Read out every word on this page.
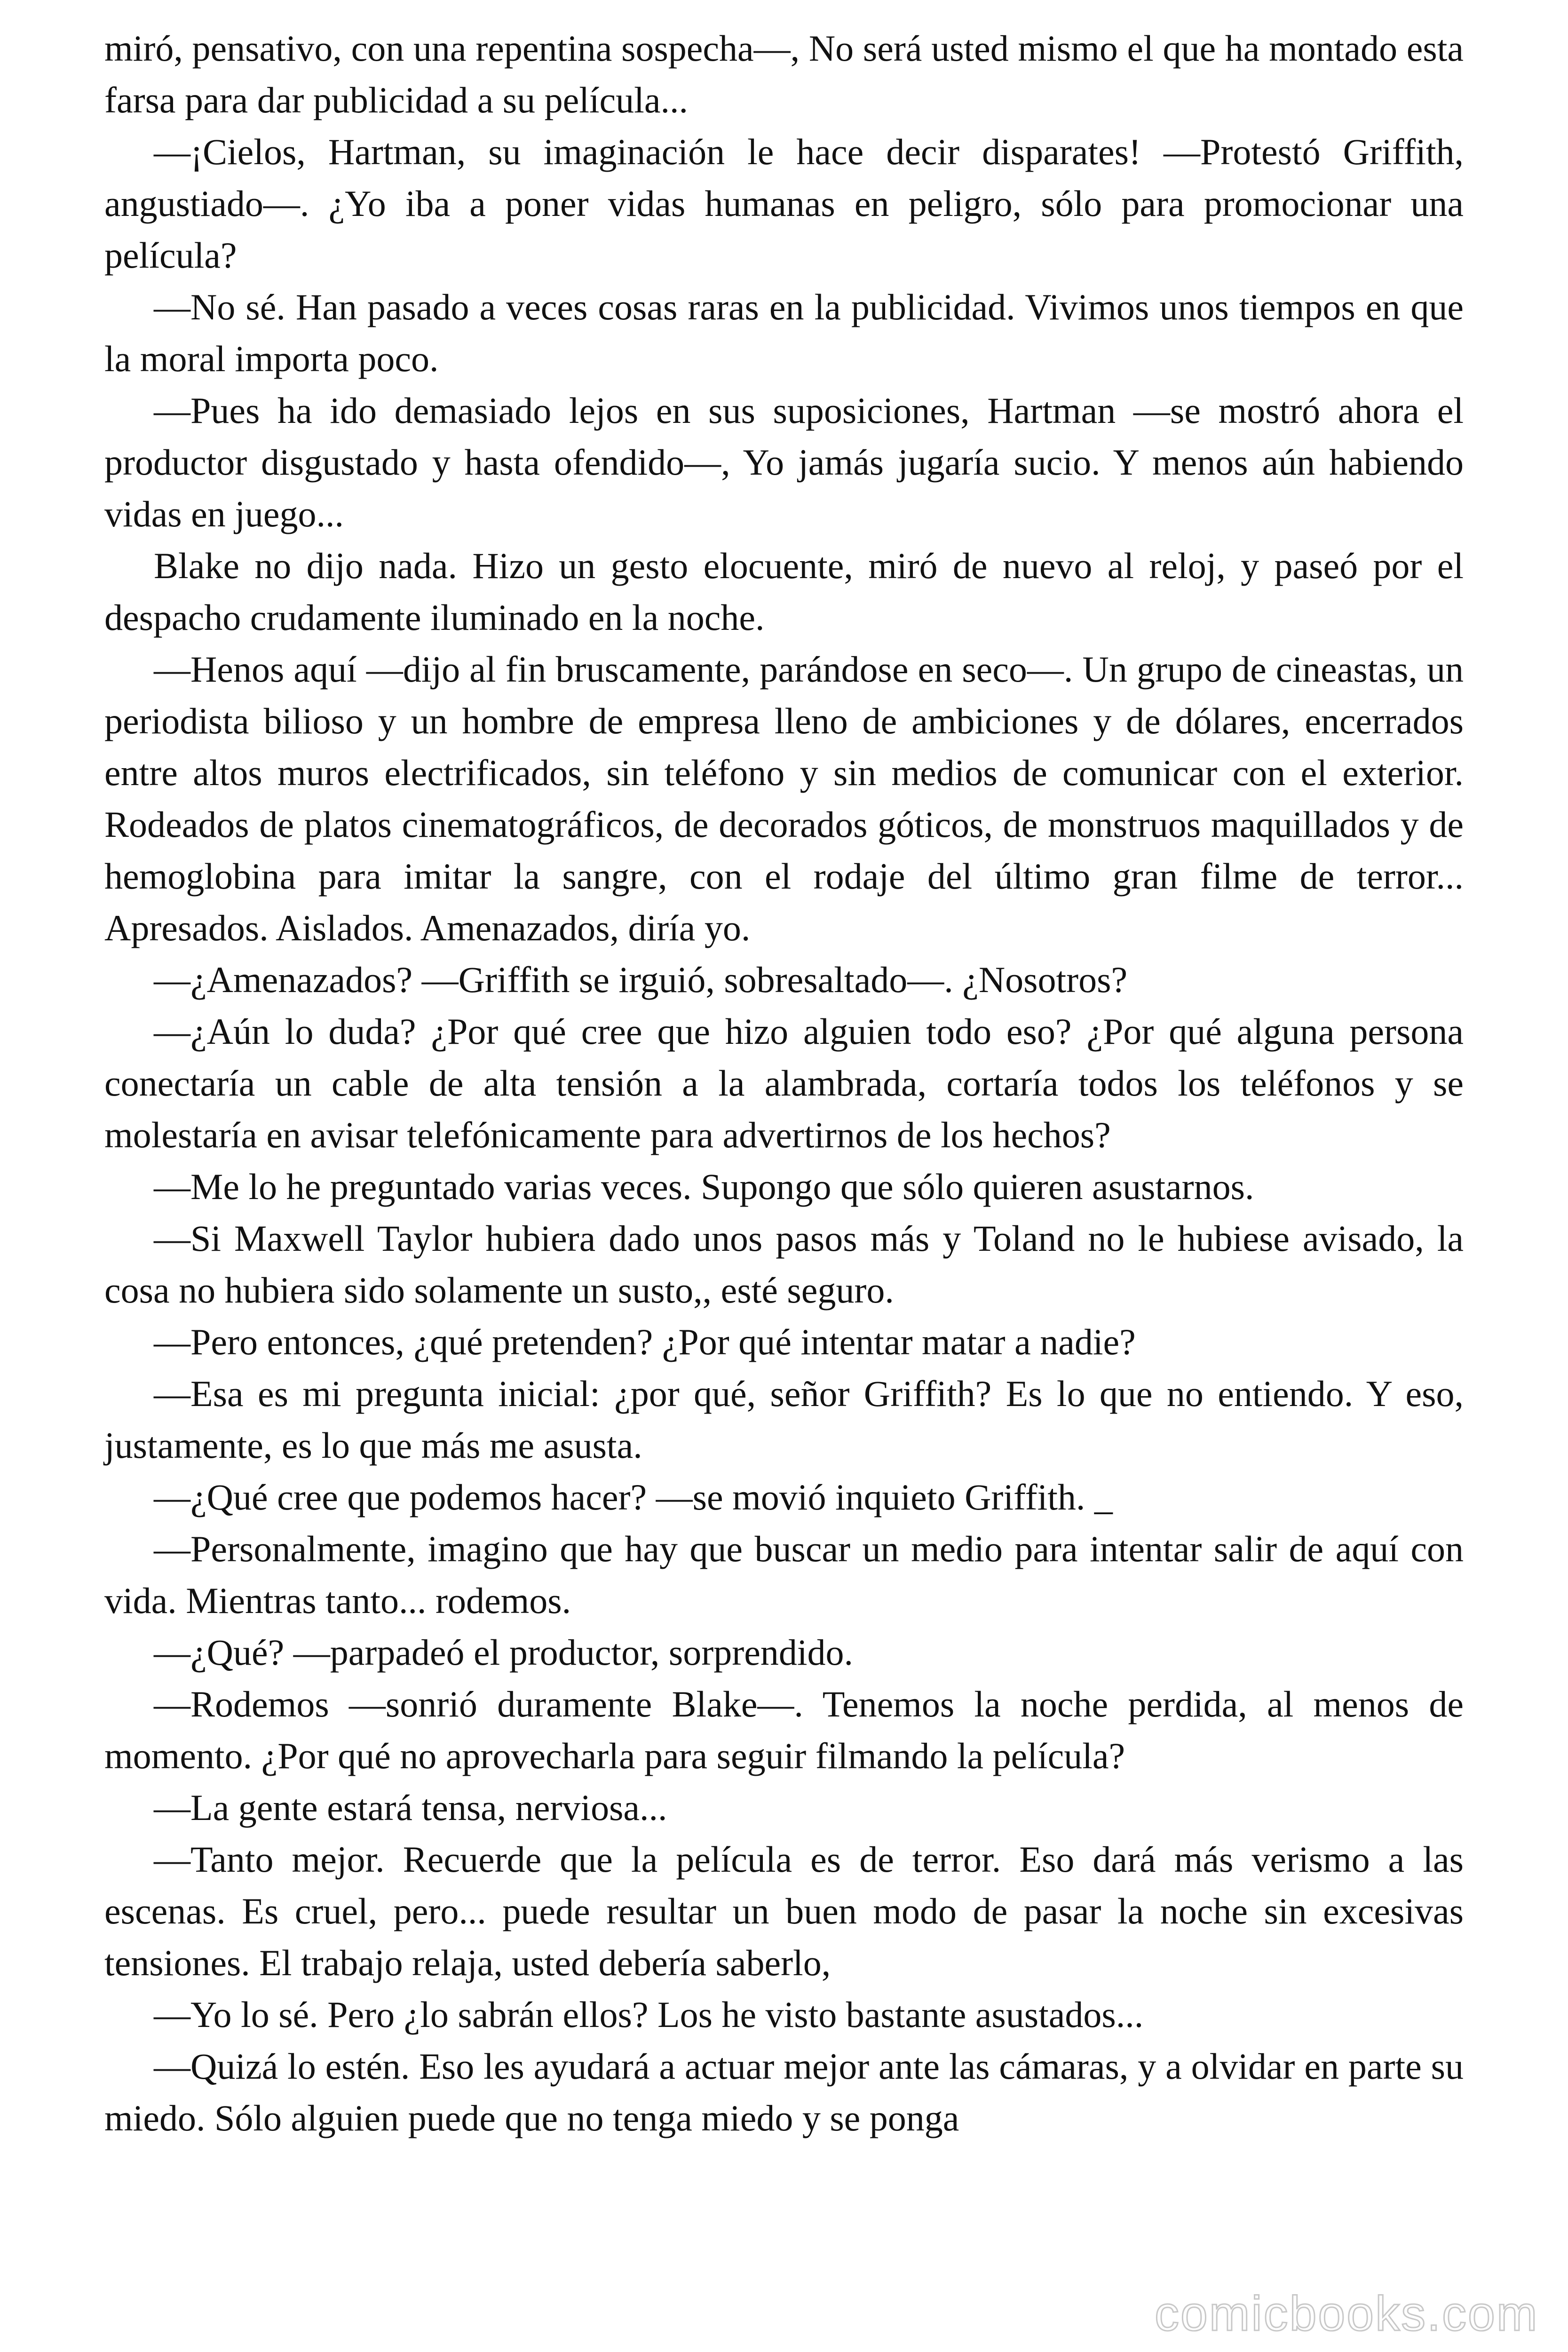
miró, pensativo, con una repentina sospecha—, No será usted mismo el que ha montado esta farsa para dar publicidad a su película...

—¡Cielos, Hartman, su imaginación le hace decir disparates! —Protestó Griffith, angustiado—. ¿Yo iba a poner vidas humanas en peligro, sólo para promocionar una película?

—No sé. Han pasado a veces cosas raras en la publicidad. Vivimos unos tiempos en que la moral importa poco.

—Pues ha ido demasiado lejos en sus suposiciones, Hartman —se mostró ahora el productor disgustado y hasta ofendido—, Yo jamás jugaría sucio. Y menos aún habiendo vidas en juego...

Blake no dijo nada. Hizo un gesto elocuente, miró de nuevo al reloj, y paseó por el despacho crudamente iluminado en la noche.

—Henos aquí —dijo al fin bruscamente, parándose en seco—. Un grupo de cineastas, un periodista bilioso y un hombre de empresa lleno de ambiciones y de dólares, encerrados entre altos muros electrificados, sin teléfono y sin medios de comunicar con el exterior. Rodeados de platos cinematográficos, de decorados góticos, de monstruos maquillados y de hemoglobina para imitar la sangre, con el rodaje del último gran filme de terror... Apresados. Aislados. Amenazados, diría yo.

—¿Amenazados? —Griffith se irguió, sobresaltado—. ¿Nosotros?

—¿Aún lo duda? ¿Por qué cree que hizo alguien todo eso? ¿Por qué alguna persona conectaría un cable de alta tensión a la alambrada, cortaría todos los teléfonos y se molestaría en avisar telefónicamente para advertirnos de los hechos?

—Me lo he preguntado varias veces. Supongo que sólo quieren asustarnos.

—Si Maxwell Taylor hubiera dado unos pasos más y Toland no le hubiese avisado, la cosa no hubiera sido solamente un susto,, esté seguro.

—Pero entonces, ¿qué pretenden? ¿Por qué intentar matar a nadie?

—Esa es mi pregunta inicial: ¿por qué, señor Griffith? Es lo que no entiendo. Y eso, justamente, es lo que más me asusta.

—¿Qué cree que podemos hacer? —se movió inquieto Griffith. _

—Personalmente, imagino que hay que buscar un medio para intentar salir de aquí con vida. Mientras tanto... rodemos.

—¿Qué? —parpadeó el productor, sorprendido.

—Rodemos —sonrió duramente Blake—. Tenemos la noche perdida, al menos de momento. ¿Por qué no aprovecharla para seguir filmando la película?

—La gente estará tensa, nerviosa...

—Tanto mejor. Recuerde que la película es de terror. Eso dará más verismo a las escenas. Es cruel, pero... puede resultar un buen modo de pasar la noche sin excesivas tensiones. El trabajo relaja, usted debería saberlo,

—Yo lo sé. Pero ¿lo sabrán ellos? Los he visto bastante asustados...

—Quizá lo estén. Eso les ayudará a actuar mejor ante las cámaras, y a olvidar en parte su miedo. Sólo alguien puede que no tenga miedo y se ponga

comicbooks.com
